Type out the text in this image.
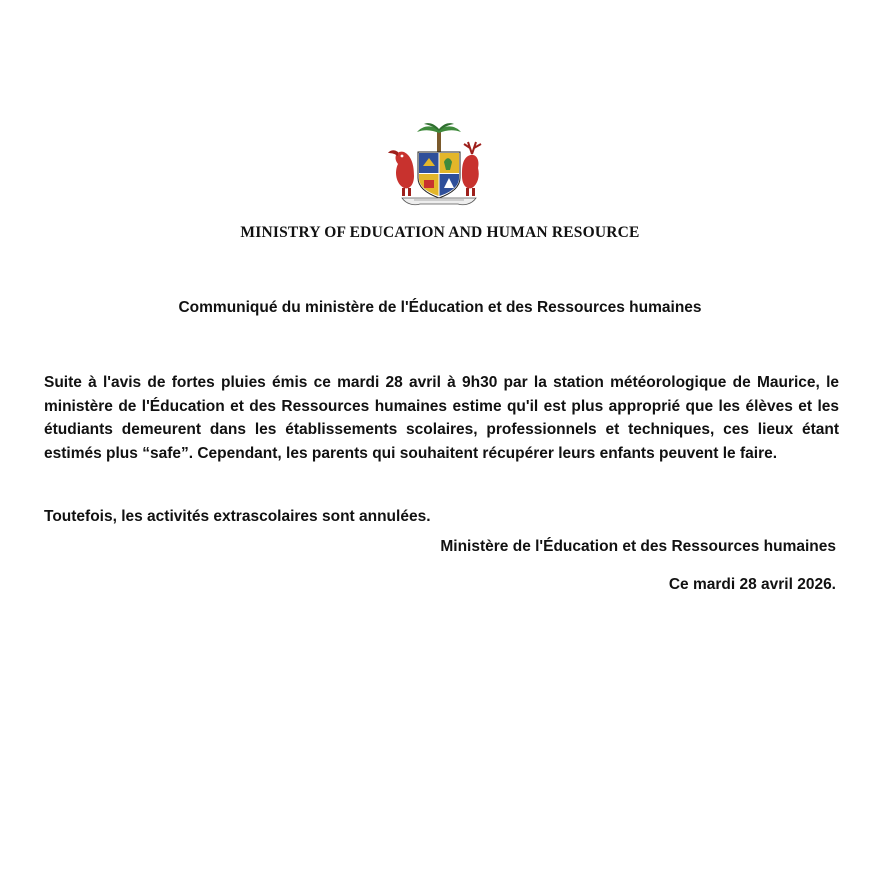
MINISTRY OF EDUCATION AND HUMAN RESOURCE
Communiqué du ministère de l'Éducation et des Ressources humaines
Suite à l'avis de fortes pluies émis ce mardi 28 avril à 9h30 par la station météorologique de Maurice, le ministère de l'Éducation et des Ressources humaines estime qu'il est plus approprié que les élèves et les étudiants demeurent dans les établissements scolaires, professionnels et techniques, ces lieux étant estimés plus “safe”. Cependant, les parents qui souhaitent récupérer leurs enfants peuvent le faire.
Toutefois, les activités extrascolaires sont annulées.
Ministère de l'Éducation et des Ressources humaines
Ce mardi 28 avril 2026.
